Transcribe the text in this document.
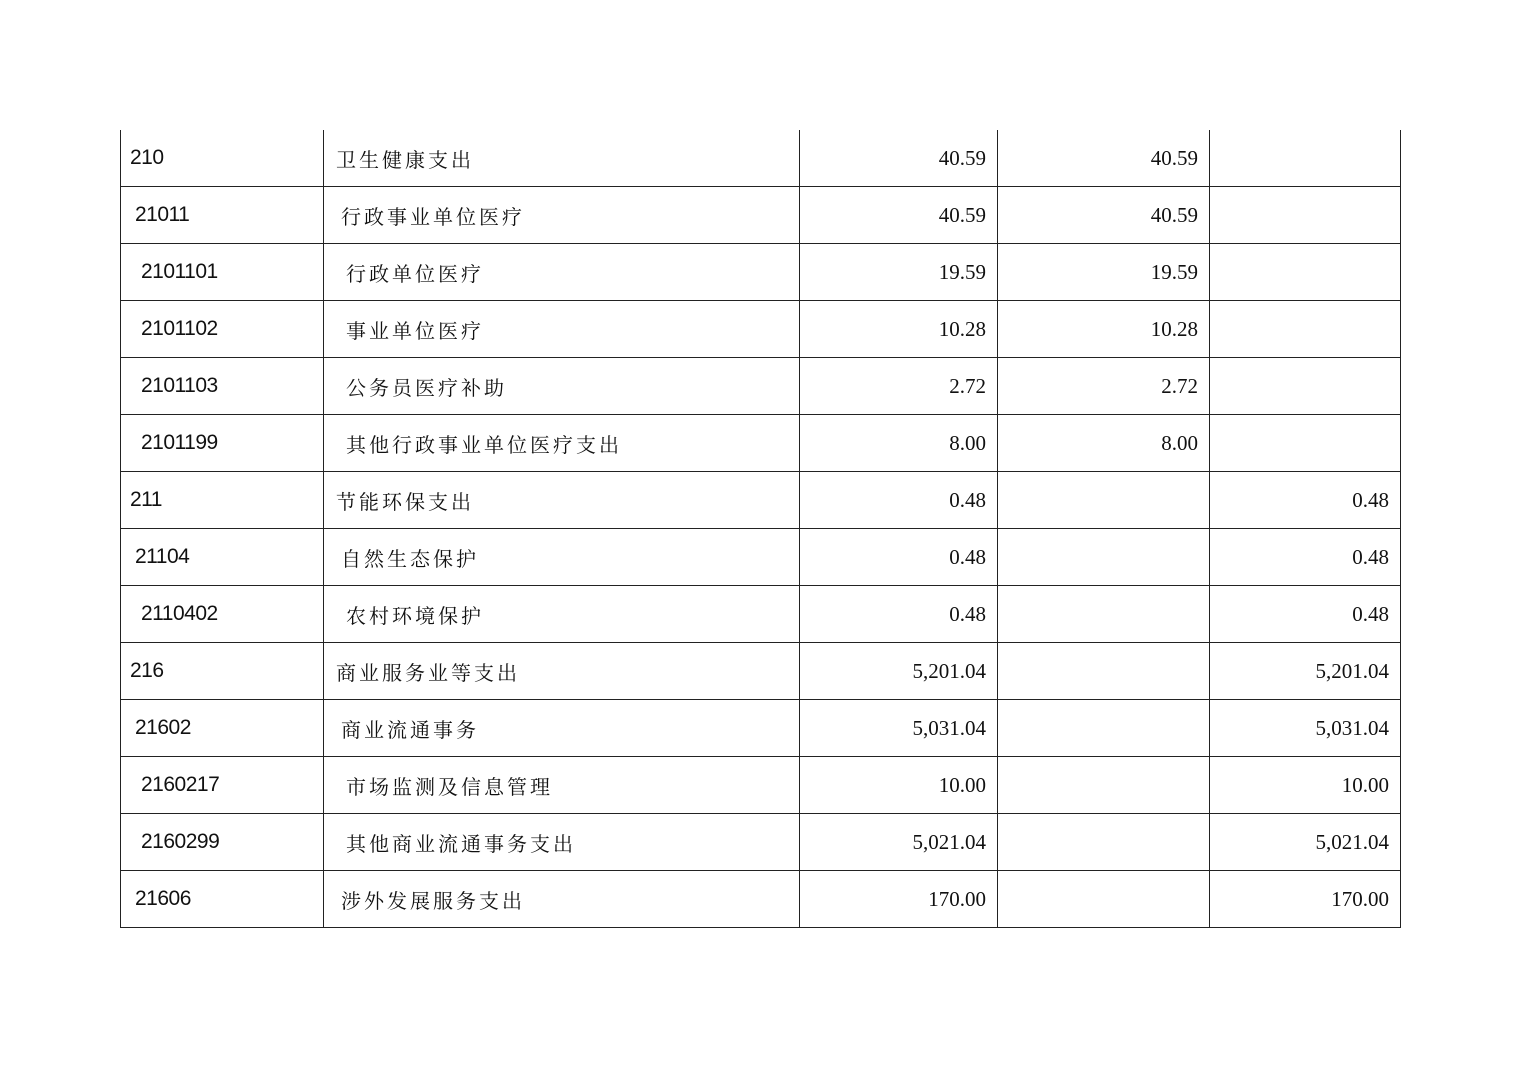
210	卫生健康支出	40.59	40.59	
21011	行政事业单位医疗	40.59	40.59	
2101101	行政单位医疗	19.59	19.59	
2101102	事业单位医疗	10.28	10.28	
2101103	公务员医疗补助	2.72	2.72	
2101199	其他行政事业单位医疗支出	8.00	8.00	
211	节能环保支出	0.48		0.48
21104	自然生态保护	0.48		0.48
2110402	农村环境保护	0.48		0.48
216	商业服务业等支出	5,201.04		5,201.04
21602	商业流通事务	5,031.04		5,031.04
2160217	市场监测及信息管理	10.00		10.00
2160299	其他商业流通事务支出	5,021.04		5,021.04
21606	涉外发展服务支出	170.00		170.00
